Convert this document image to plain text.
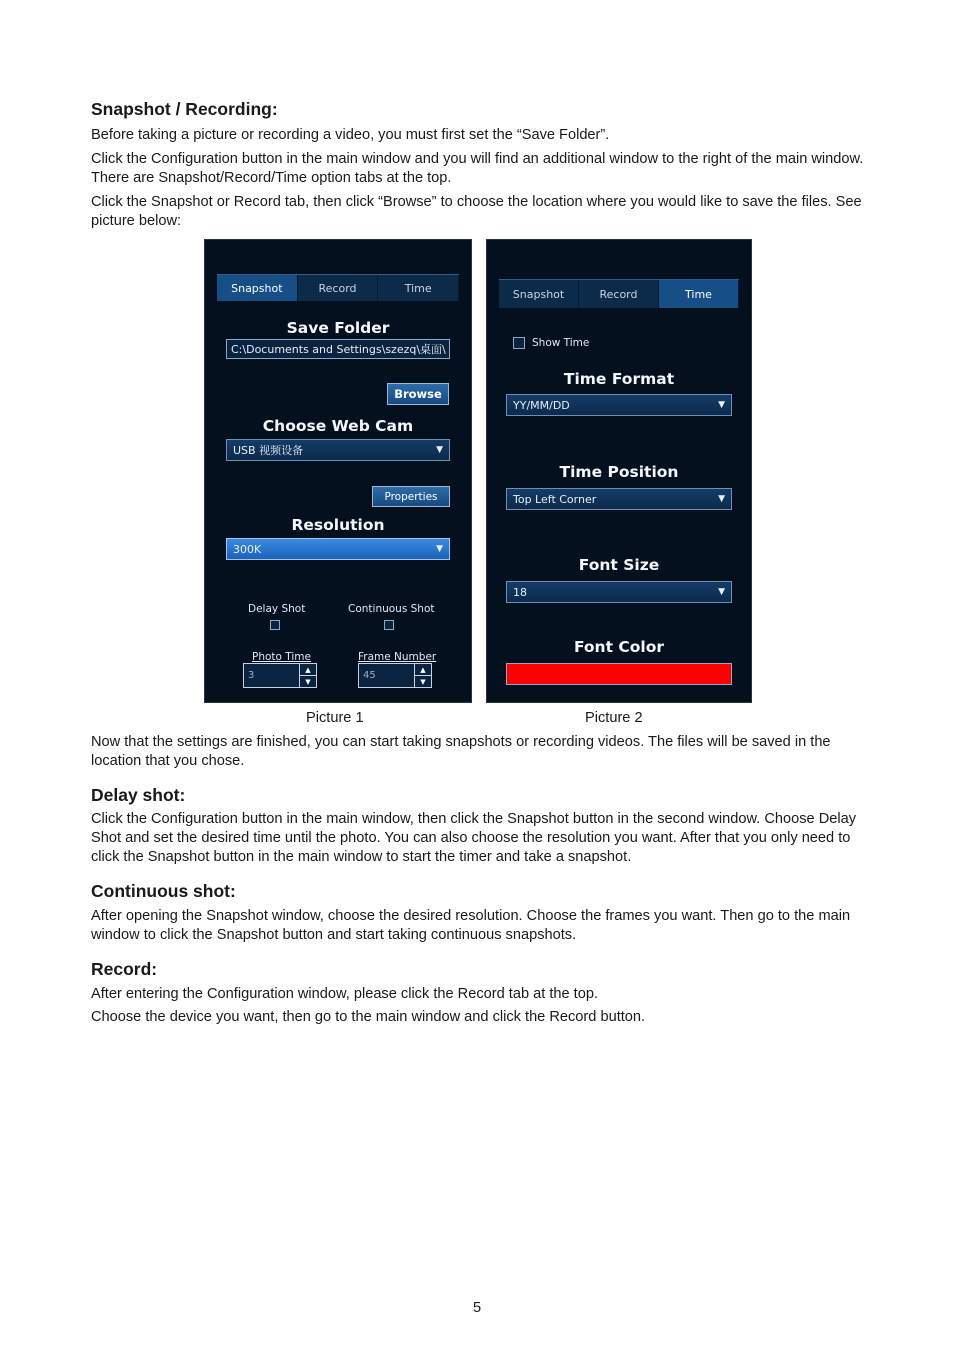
Snapshot / Recording:

Before taking a picture or recording a video, you must first set the “Save Folder”.

Click the Configuration button in the main window and you will find an additional window to the right of the main window. There are Snapshot/Record/Time option tabs at the top.

Click the Snapshot or Record tab, then click “Browse” to choose the location where you would like to save the files. See picture below:

Now that the settings are finished, you can start taking snapshots or recording videos. The files will be saved in the location that you chose.

Delay shot:

Click the Configuration button in the main window, then click the Snapshot button in the second window. Choose Delay Shot and set the desired time until the photo. You can also choose the resolution you want. After that you only need to click the Snapshot button in the main window to start the timer and take a snapshot.

Continuous shot:

After opening the Snapshot window, choose the desired resolution. Choose the frames you want. Then go to the main window to click the Snapshot button and start taking continuous snapshots.

Record:

After entering the Configuration window, please click the Record tab at the top.

Choose the device you want, then go to the main window and click the Record button.

Snapshot	Record	Time
Save Folder
C:\Documents and Settings\szezq\桌面\
Browse
Choose Web Cam
USB 视频设备	▼
Properties
Resolution
300K	▼
Delay Shot	Continuous Shot
Photo Time
3
▲
▼
Frame Number
45
▲
▼
Snapshot	Record	Time
Show Time
Time Format
YY/MM/DD	▼
Time Position
Top Left Corner	▼
Font Size
18	▼
Font Color
Picture 1	Picture 2
5
